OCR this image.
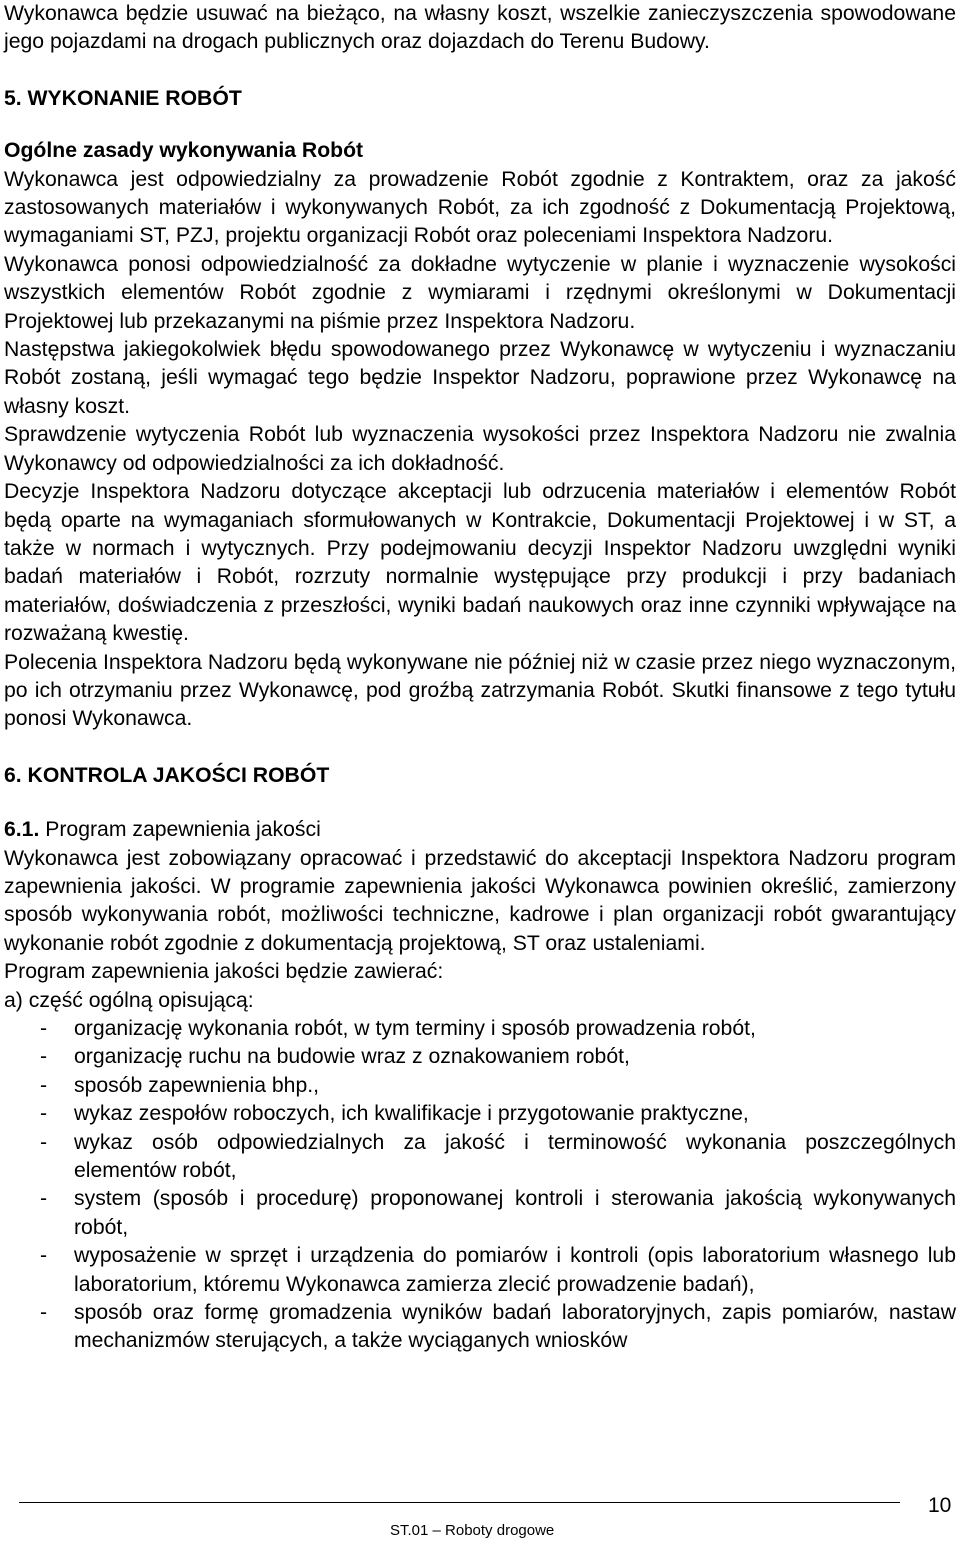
Wykonawca będzie usuwać na bieżąco, na własny koszt, wszelkie zanieczyszczenia spowodowane jego pojazdami na drogach publicznych oraz dojazdach do Terenu Budowy.

5. WYKONANIE ROBÓT
Ogólne zasady wykonywania Robót

Wykonawca jest odpowiedzialny za prowadzenie Robót zgodnie z Kontraktem, oraz za jakość zastosowanych materiałów i wykonywanych Robót, za ich zgodność z Dokumentacją Projektową, wymaganiami ST, PZJ, projektu organizacji Robót oraz poleceniami Inspektora Nadzoru.

Wykonawca ponosi odpowiedzialność za dokładne wytyczenie w planie i wyznaczenie wysokości wszystkich elementów Robót zgodnie z wymiarami i rzędnymi określonymi w Dokumentacji Projektowej lub przekazanymi na piśmie przez Inspektora Nadzoru.

Następstwa jakiegokolwiek błędu spowodowanego przez Wykonawcę w wytyczeniu i wyznaczaniu Robót zostaną, jeśli wymagać tego będzie Inspektor Nadzoru, poprawione przez Wykonawcę na własny koszt.

Sprawdzenie wytyczenia Robót lub wyznaczenia wysokości przez Inspektora Nadzoru nie zwalnia Wykonawcy od odpowiedzialności za ich dokładność.

Decyzje Inspektora Nadzoru dotyczące akceptacji lub odrzucenia materiałów i elementów Robót będą oparte na wymaganiach sformułowanych w Kontrakcie, Dokumentacji Projektowej i w ST, a także w normach i wytycznych. Przy podejmowaniu decyzji Inspektor Nadzoru uwzględni wyniki badań materiałów i Robót, rozrzuty normalnie występujące przy produkcji i przy badaniach materiałów, doświadczenia z przeszłości, wyniki badań naukowych oraz inne czynniki wpływające na rozważaną kwestię.

Polecenia Inspektora Nadzoru będą wykonywane nie później niż w czasie przez niego wyznaczonym, po ich otrzymaniu przez Wykonawcę, pod groźbą zatrzymania Robót. Skutki finansowe z tego tytułu ponosi Wykonawca.

6. KONTROLA JAKOŚCI ROBÓT

6.1. Program zapewnienia jakości

Wykonawca jest zobowiązany opracować i przedstawić do akceptacji Inspektora Nadzoru program zapewnienia jakości. W programie zapewnienia jakości Wykonawca powinien określić, zamierzony sposób wykonywania robót, możliwości techniczne, kadrowe i plan organizacji robót gwarantujący wykonanie robót zgodnie z dokumentacją projektową, ST oraz ustaleniami.

Program zapewnienia jakości będzie zawierać:

a) część ogólną opisującą:

- organizację wykonania robót, w tym terminy i sposób prowadzenia robót,
- organizację ruchu na budowie wraz z oznakowaniem robót,
- sposób zapewnienia bhp.,
- wykaz zespołów roboczych, ich kwalifikacje i przygotowanie praktyczne,
- wykaz osób odpowiedzialnych za jakość i terminowość wykonania poszczególnych elementów robót,
- system (sposób i procedurę) proponowanej kontroli i sterowania jakością wykonywanych robót,
- wyposażenie w sprzęt i urządzenia do pomiarów i kontroli (opis laboratorium własnego lub laboratorium, któremu Wykonawca zamierza zlecić prowadzenie badań),
- sposób oraz formę gromadzenia wyników badań laboratoryjnych, zapis pomiarów, nastaw mechanizmów sterujących, a także wyciąganych wniosków
10
ST.01 – Roboty drogowe
